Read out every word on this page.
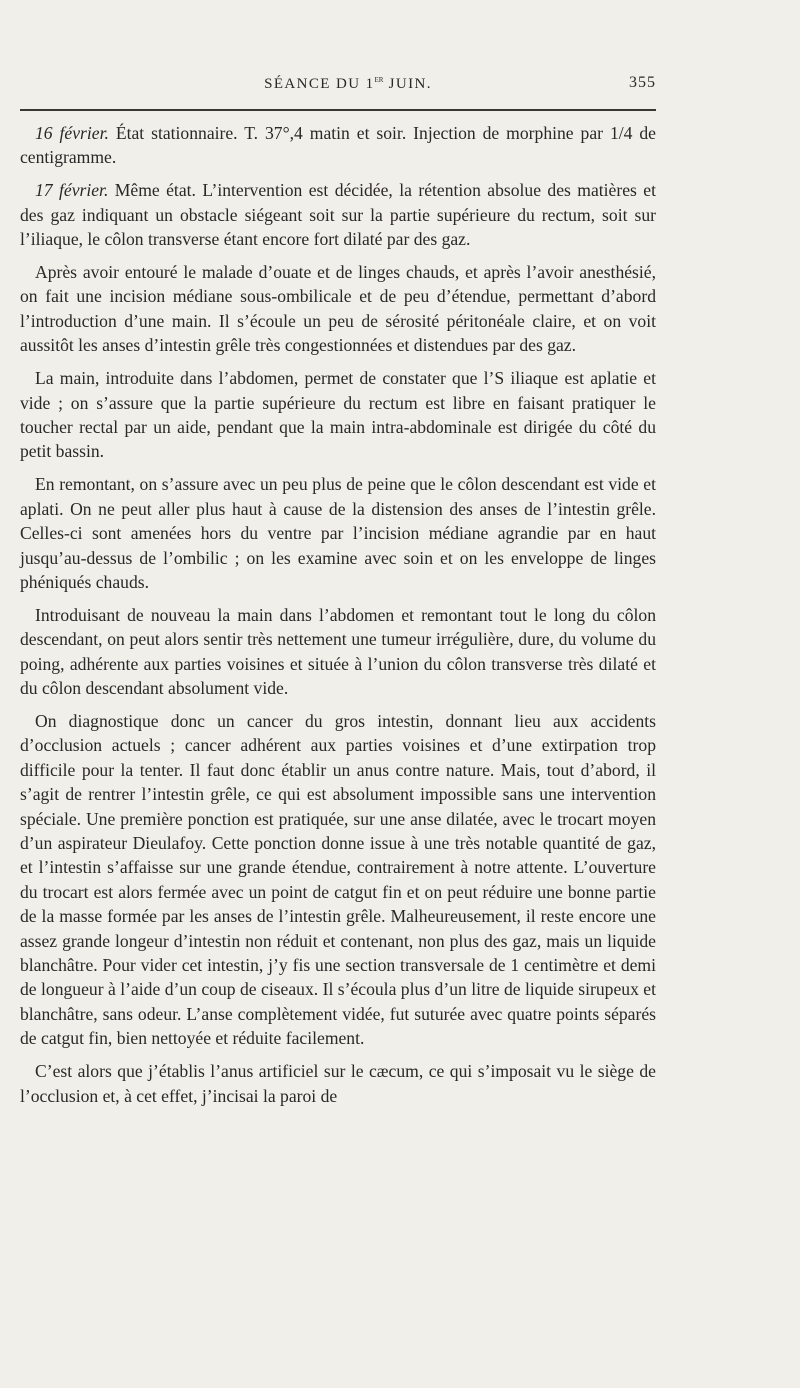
SÉANCE DU 1er JUIN.	355

16 février. État stationnaire. T. 37°,4 matin et soir. Injection de morphine par 1/4 de centigramme.

17 février. Même état. L’intervention est décidée, la rétention absolue des matières et des gaz indiquant un obstacle siégeant soit sur la partie supérieure du rectum, soit sur l’iliaque, le côlon transverse étant encore fort dilaté par des gaz.

Après avoir entouré le malade d’ouate et de linges chauds, et après l’avoir anesthésié, on fait une incision médiane sous-ombilicale et de peu d’étendue, permettant d’abord l’introduction d’une main. Il s’écoule un peu de sérosité péritonéale claire, et on voit aussitôt les anses d’intestin grêle très congestionnées et distendues par des gaz.

La main, introduite dans l’abdomen, permet de constater que l’S iliaque est aplatie et vide ; on s’assure que la partie supérieure du rectum est libre en faisant pratiquer le toucher rectal par un aide, pendant que la main intra-abdominale est dirigée du côté du petit bassin.

En remontant, on s’assure avec un peu plus de peine que le côlon descendant est vide et aplati. On ne peut aller plus haut à cause de la distension des anses de l’intestin grêle. Celles-ci sont amenées hors du ventre par l’incision médiane agrandie par en haut jusqu’au-dessus de l’ombilic ; on les examine avec soin et on les enveloppe de linges phéniqués chauds.

Introduisant de nouveau la main dans l’abdomen et remontant tout le long du côlon descendant, on peut alors sentir très nettement une tumeur irrégulière, dure, du volume du poing, adhérente aux parties voisines et située à l’union du côlon transverse très dilaté et du côlon descendant absolument vide.

On diagnostique donc un cancer du gros intestin, donnant lieu aux accidents d’occlusion actuels ; cancer adhérent aux parties voisines et d’une extirpation trop difficile pour la tenter. Il faut donc établir un anus contre nature. Mais, tout d’abord, il s’agit de rentrer l’intestin grêle, ce qui est absolument impossible sans une intervention spéciale. Une première ponction est pratiquée, sur une anse dilatée, avec le trocart moyen d’un aspirateur Dieulafoy. Cette ponction donne issue à une très notable quantité de gaz, et l’intestin s’affaisse sur une grande étendue, contrairement à notre attente. L’ouverture du trocart est alors fermée avec un point de catgut fin et on peut réduire une bonne partie de la masse formée par les anses de l’intestin grêle. Malheureusement, il reste encore une assez grande longeur d’intestin non réduit et contenant, non plus des gaz, mais un liquide blanchâtre. Pour vider cet intestin, j’y fis une section transversale de 1 centimètre et demi de longueur à l’aide d’un coup de ciseaux. Il s’écoula plus d’un litre de liquide sirupeux et blanchâtre, sans odeur. L’anse complètement vidée, fut suturée avec quatre points séparés de catgut fin, bien nettoyée et réduite facilement.

C’est alors que j’établis l’anus artificiel sur le cæcum, ce qui s’imposait vu le siège de l’occlusion et, à cet effet, j’incisai la paroi de
